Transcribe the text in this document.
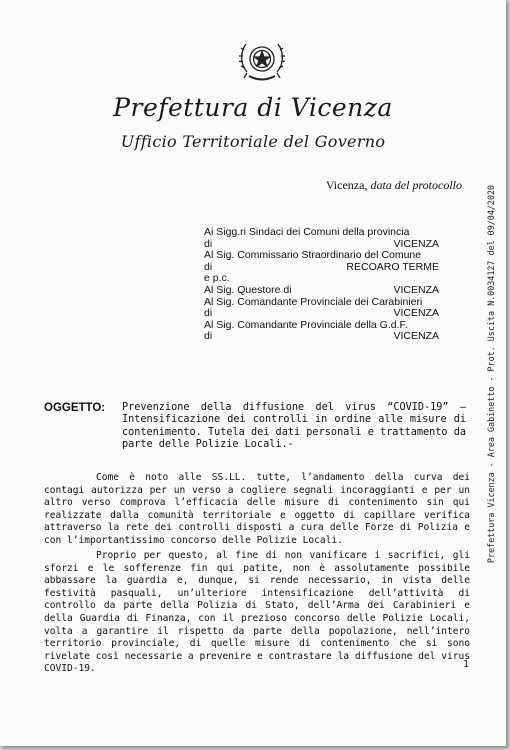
Prefettura di Vicenza
Ufficio Territoriale del Governo
Vicenza, data del protocollo
Ai Sigg.ri Sindaci dei Comuni della provincia
di	VICENZA
Al Sig. Commissario Straordinario del Comune
di	RECOARO TERME
e p.c.
Al Sig. Questore di	VICENZA
Al Sig. Comandante Provinciale dei Carabinieri
di	VICENZA
Al Sig. Comandante Provinciale della G.d.F.
di	VICENZA
OGGETTO:	Prevenzione della diffusione del virus “COVID-19” – Intensificazione dei controlli in ordine alle misure di contenimento. Tutela dei dati personali e trattamento da parte delle Polizie Locali.-
Come è noto alle SS.LL. tutte, l’andamento della curva dei contagi autorizza per un verso a cogliere segnali incoraggianti e per un altro verso comprova l’efficacia delle misure di contenimento sin qui realizzate dalla comunità territoriale e oggetto di capillare verifica attraverso la rete dei controlli disposti a cura delle Forze di Polizia e con l’importantissimo concorso delle Polizie Locali.
Proprio per questo, al fine di non vanificare i sacrifici, gli sforzi e le sofferenze fin qui patite, non è assolutamente possibile abbassare la guardia e, dunque, si rende necessario, in vista delle festività pasquali, un’ulteriore intensificazione dell’attività di controllo da parte della Polizia di Stato, dell’Arma dei Carabinieri e della Guardia di Finanza, con il prezioso concorso delle Polizie Locali, volta a garantire il rispetto da parte della popolazione, nell’intero territorio provinciale, di quelle misure di contenimento che si sono rivelate così necessarie a prevenire e contrastare la diffusione del virus COVID-19.	1
Prefettura Vicenza - Area Gabinetto - Prot. Uscita N.0034127 del 09/04/2020
